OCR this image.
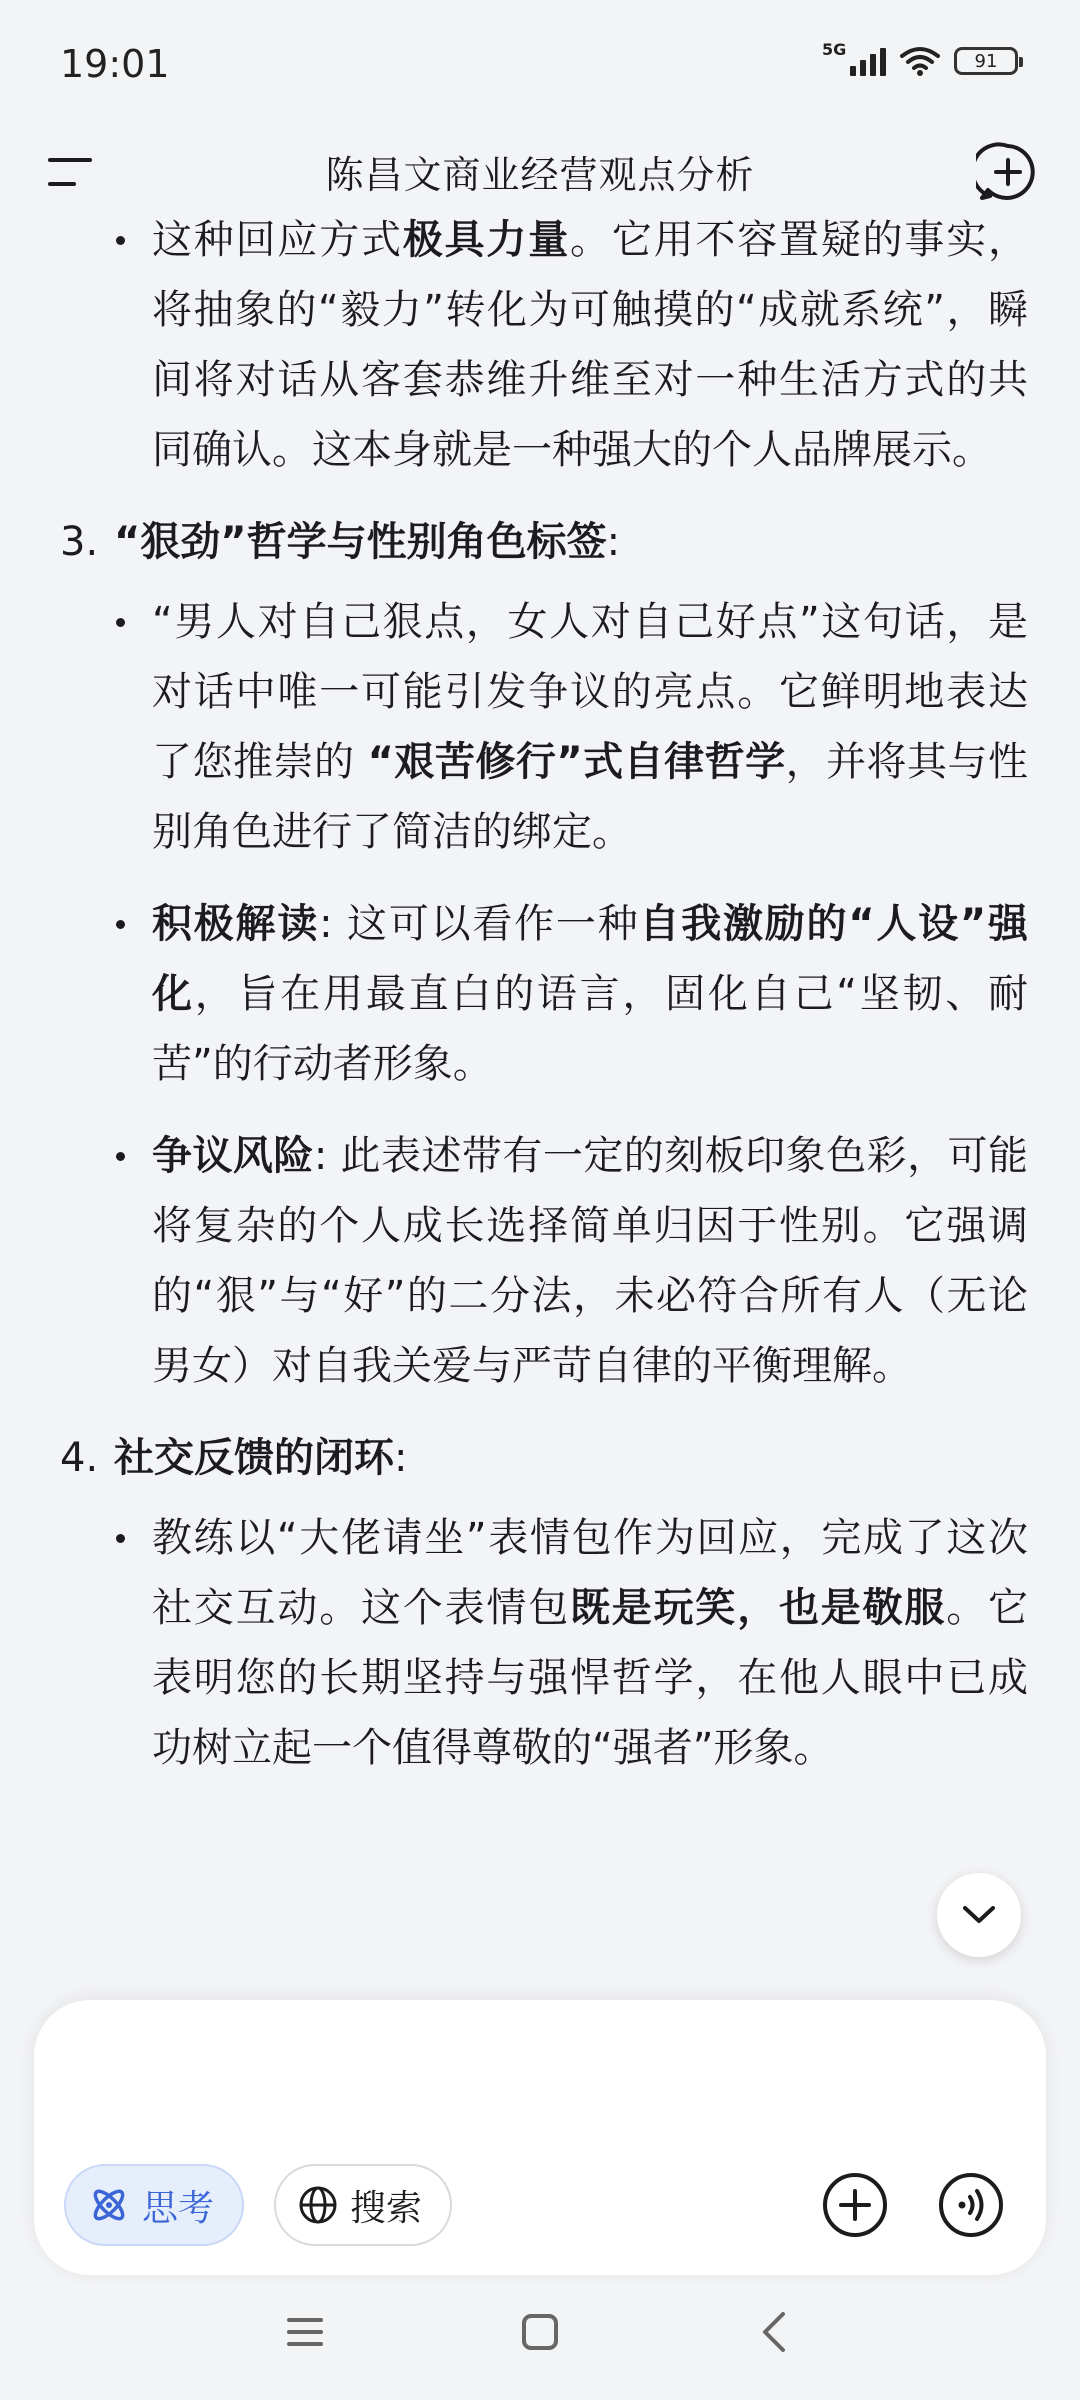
19:01	5G
91
陈昌文商业经营观点分析
这种回应方式极具力量。它用不容置疑的事实，将抽象的“毅力”转化为可触摸的“成就系统”，瞬间将对话从客套恭维升维至对一种生活方式的共同确认。这本身就是一种强大的个人品牌展示。
3. “狠劲”哲学与性别角色标签:
“男人对自己狠点，女人对自己好点”这句话，是对话中唯一可能引发争议的亮点。它鲜明地表达了您推崇的 “艰苦修行”式自律哲学，并将其与性别角色进行了简洁的绑定。
积极解读: 这可以看作一种自我激励的“人设”强化，旨在用最直白的语言，固化自己“坚韧、耐苦”的行动者形象。
争议风险: 此表述带有一定的刻板印象色彩，可能将复杂的个人成长选择简单归因于性别。它强调的“狠”与“好”的二分法，未必符合所有人（无论男女）对自我关爱与严苛自律的平衡理解。
4. 社交反馈的闭环:
教练以“大佬请坐”表情包作为回应，完成了这次社交互动。这个表情包既是玩笑，也是敬服。它表明您的长期坚持与强悍哲学，在他人眼中已成功树立起一个值得尊敬的“强者”形象。
思考	搜索
